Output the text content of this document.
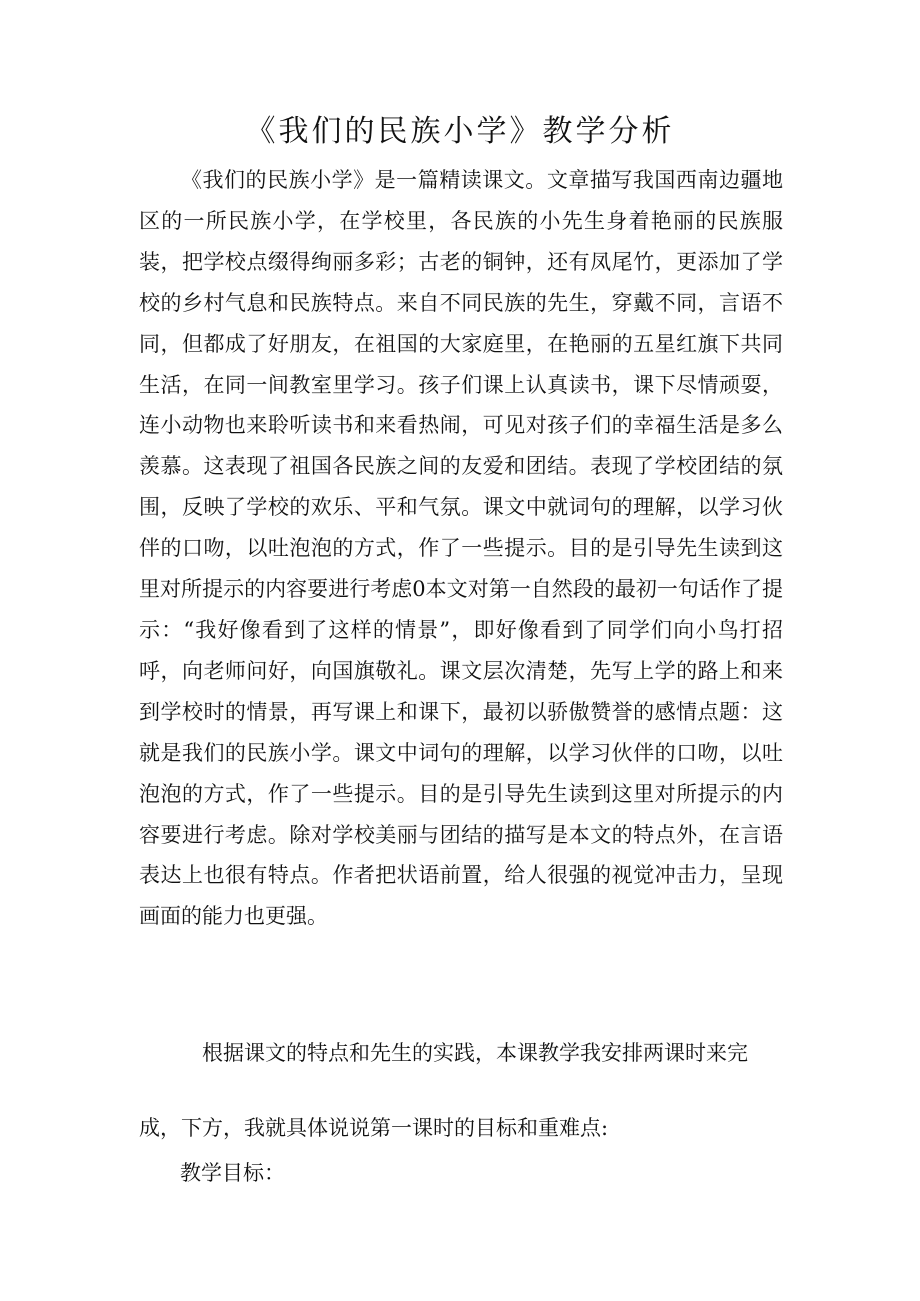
《我们的民族小学》教学分析

《我们的民族小学》是一篇精读课文。文章描写我国西南边疆地区的一所民族小学，在学校里，各民族的小先生身着艳丽的民族服装，把学校点缀得绚丽多彩；古老的铜钟，还有凤尾竹，更添加了学校的乡村气息和民族特点。来自不同民族的先生，穿戴不同，言语不同，但都成了好朋友，在祖国的大家庭里，在艳丽的五星红旗下共同生活，在同一间教室里学习。孩子们课上认真读书，课下尽情顽耍，连小动物也来聆听读书和来看热闹，可见对孩子们的幸福生活是多么羡慕。这表现了祖国各民族之间的友爱和团结。表现了学校团结的氛围，反映了学校的欢乐、平和气氛。课文中就词句的理解，以学习伙伴的口吻，以吐泡泡的方式，作了一些提示。目的是引导先生读到这里对所提示的内容要进行考虑0本文对第一自然段的最初一句话作了提示：“我好像看到了这样的情景”，即好像看到了同学们向小鸟打招呼，向老师问好，向国旗敬礼。课文层次清楚，先写上学的路上和来到学校时的情景，再写课上和课下，最初以骄傲赞誉的感情点题：这就是我们的民族小学。课文中词句的理解，以学习伙伴的口吻，以吐泡泡的方式，作了一些提示。目的是引导先生读到这里对所提示的内容要进行考虑。除对学校美丽与团结的描写是本文的特点外，在言语表达上也很有特点。作者把状语前置，给人很强的视觉冲击力，呈现画面的能力也更强。

根据课文的特点和先生的实践，本课教学我安排两课时来完

成，下方，我就具体说说第一课时的目标和重难点:

教学目标：
